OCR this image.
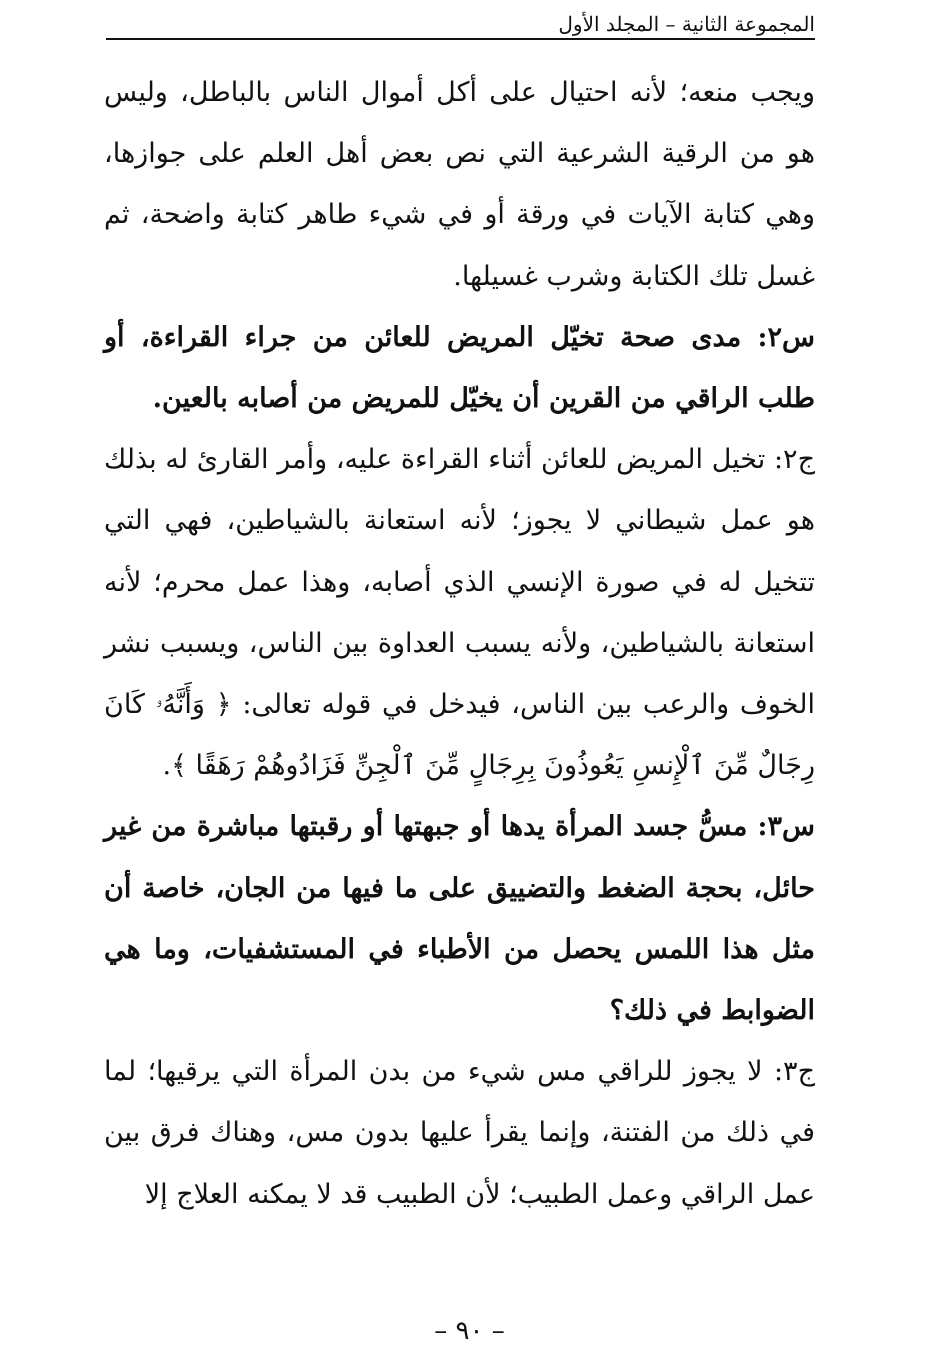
المجموعة الثانية – المجلد الأول

ويجب منعه؛ لأنه احتيال على أكل أموال الناس بالباطل، وليس هو من الرقية الشرعية التي نص بعض أهل العلم على جوازها، وهي كتابة الآيات في ورقة أو في شيء طاهر كتابة واضحة، ثم غسل تلك الكتابة وشرب غسيلها.

س٢: مدى صحة تخيّل المريض للعائن من جراء القراءة، أو طلب الراقي من القرين أن يخيّل للمريض من أصابه بالعين.

ج٢: تخيل المريض للعائن أثناء القراءة عليه، وأمر القارئ له بذلك هو عمل شيطاني لا يجوز؛ لأنه استعانة بالشياطين، فهي التي تتخيل له في صورة الإنسي الذي أصابه، وهذا عمل محرم؛ لأنه استعانة بالشياطين، ولأنه يسبب العداوة بين الناس، ويسبب نشر الخوف والرعب بين الناس، فيدخل في قوله تعالى: ﴿ وَأَنَّهُۥ كَانَ رِجَالٌ مِّنَ ٱلْإِنسِ يَعُوذُونَ بِرِجَالٍ مِّنَ ٱلْجِنِّ فَزَادُوهُمْ رَهَقًا ﴾.

س٣: مسُّ جسد المرأة يدها أو جبهتها أو رقبتها مباشرة من غير حائل، بحجة الضغط والتضييق على ما فيها من الجان، خاصة أن مثل هذا اللمس يحصل من الأطباء في المستشفيات، وما هي الضوابط في ذلك؟

ج٣: لا يجوز للراقي مس شيء من بدن المرأة التي يرقيها؛ لما في ذلك من الفتنة، وإنما يقرأ عليها بدون مس، وهناك فرق بين عمل الراقي وعمل الطبيب؛ لأن الطبيب قد لا يمكنه العلاج إلا

– ٩٠ –
